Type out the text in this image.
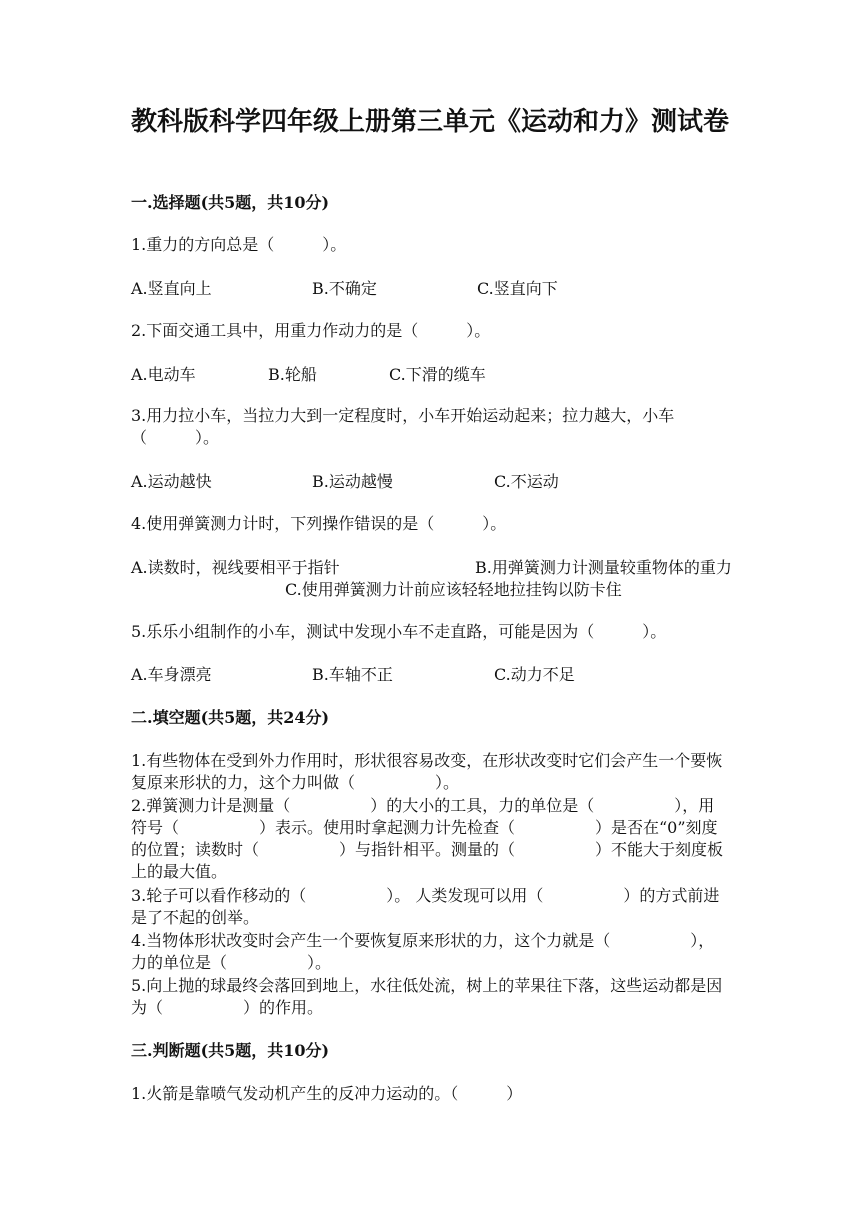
教科版科学四年级上册第三单元《运动和力》测试卷
一.选择题(共5题，共10分)
1.重力的方向总是（　　　）。
A.竖直向上	B.不确定	C.竖直向下
2.下面交通工具中，用重力作动力的是（　　　）。
A.电动车	B.轮船	C.下滑的缆车
3.用力拉小车，当拉力大到一定程度时，小车开始运动起来；拉力越大，小车（　　　）。
A.运动越快	B.运动越慢	C.不运动
4.使用弹簧测力计时，下列操作错误的是（　　　）。
A.读数时，视线要相平于指针	B.用弹簧测力计测量较重物体的重力
C.使用弹簧测力计前应该轻轻地拉挂钩以防卡住
5.乐乐小组制作的小车，测试中发现小车不走直路，可能是因为（　　　）。
A.车身漂亮	B.车轴不正	C.动力不足
二.填空题(共5题，共24分)
1.有些物体在受到外力作用时，形状很容易改变，在形状改变时它们会产生一个要恢复原来形状的力，这个力叫做（　　　　　）。
2.弹簧测力计是测量（　　　　　）的大小的工具，力的单位是（　　　　　），用符号（　　　　　）表示。使用时拿起测力计先检查（　　　　　）是否在“0”刻度的位置；读数时（　　　　　）与指针相平。测量的（　　　　　）不能大于刻度板上的最大值。
3.轮子可以看作移动的（　　　　　）。 人类发现可以用（　　　　　）的方式前进是了不起的创举。
4.当物体形状改变时会产生一个要恢复原来形状的力，这个力就是（　　　　　），力的单位是（　　　　　）。
5.向上抛的球最终会落回到地上，水往低处流，树上的苹果往下落，这些运动都是因为（　　　　　）的作用。
三.判断题(共5题，共10分)
1.火箭是靠喷气发动机产生的反冲力运动的。（　　　）
